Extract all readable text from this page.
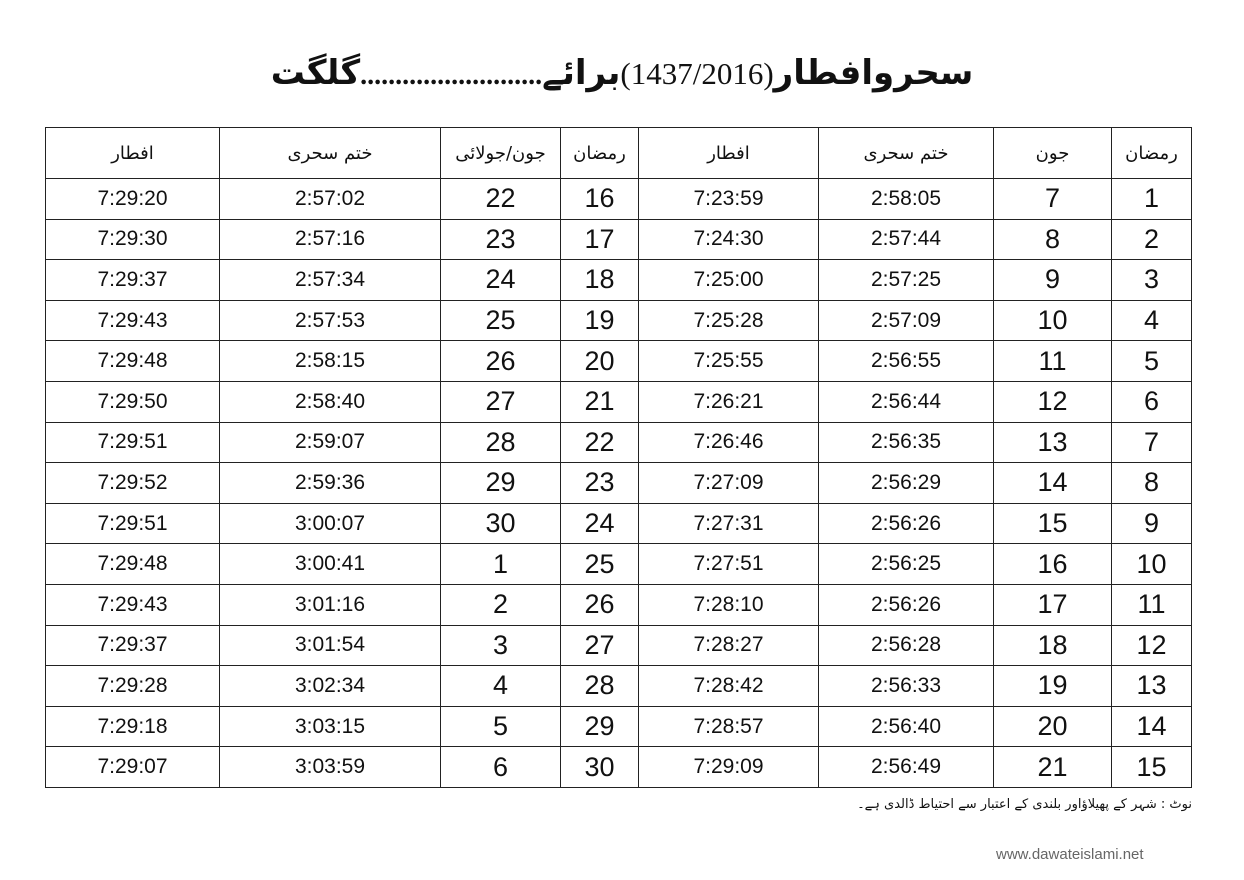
سحروافطار(1437/2016)برائے..........................گلگت
افطار	ختم سحری	جون/جولائی	رمضان	افطار	ختم سحری	جون	رمضان
7:29:20	2:57:02	22	16	7:23:59	2:58:05	7	1
7:29:30	2:57:16	23	17	7:24:30	2:57:44	8	2
7:29:37	2:57:34	24	18	7:25:00	2:57:25	9	3
7:29:43	2:57:53	25	19	7:25:28	2:57:09	10	4
7:29:48	2:58:15	26	20	7:25:55	2:56:55	11	5
7:29:50	2:58:40	27	21	7:26:21	2:56:44	12	6
7:29:51	2:59:07	28	22	7:26:46	2:56:35	13	7
7:29:52	2:59:36	29	23	7:27:09	2:56:29	14	8
7:29:51	3:00:07	30	24	7:27:31	2:56:26	15	9
7:29:48	3:00:41	1	25	7:27:51	2:56:25	16	10
7:29:43	3:01:16	2	26	7:28:10	2:56:26	17	11
7:29:37	3:01:54	3	27	7:28:27	2:56:28	18	12
7:29:28	3:02:34	4	28	7:28:42	2:56:33	19	13
7:29:18	3:03:15	5	29	7:28:57	2:56:40	20	14
7:29:07	3:03:59	6	30	7:29:09	2:56:49	21	15
نوٹ : شہر کے پھیلاؤاور بلندی کے اعتبار سے احتیاط ڈالدی ہے۔
www.dawateislami.net
